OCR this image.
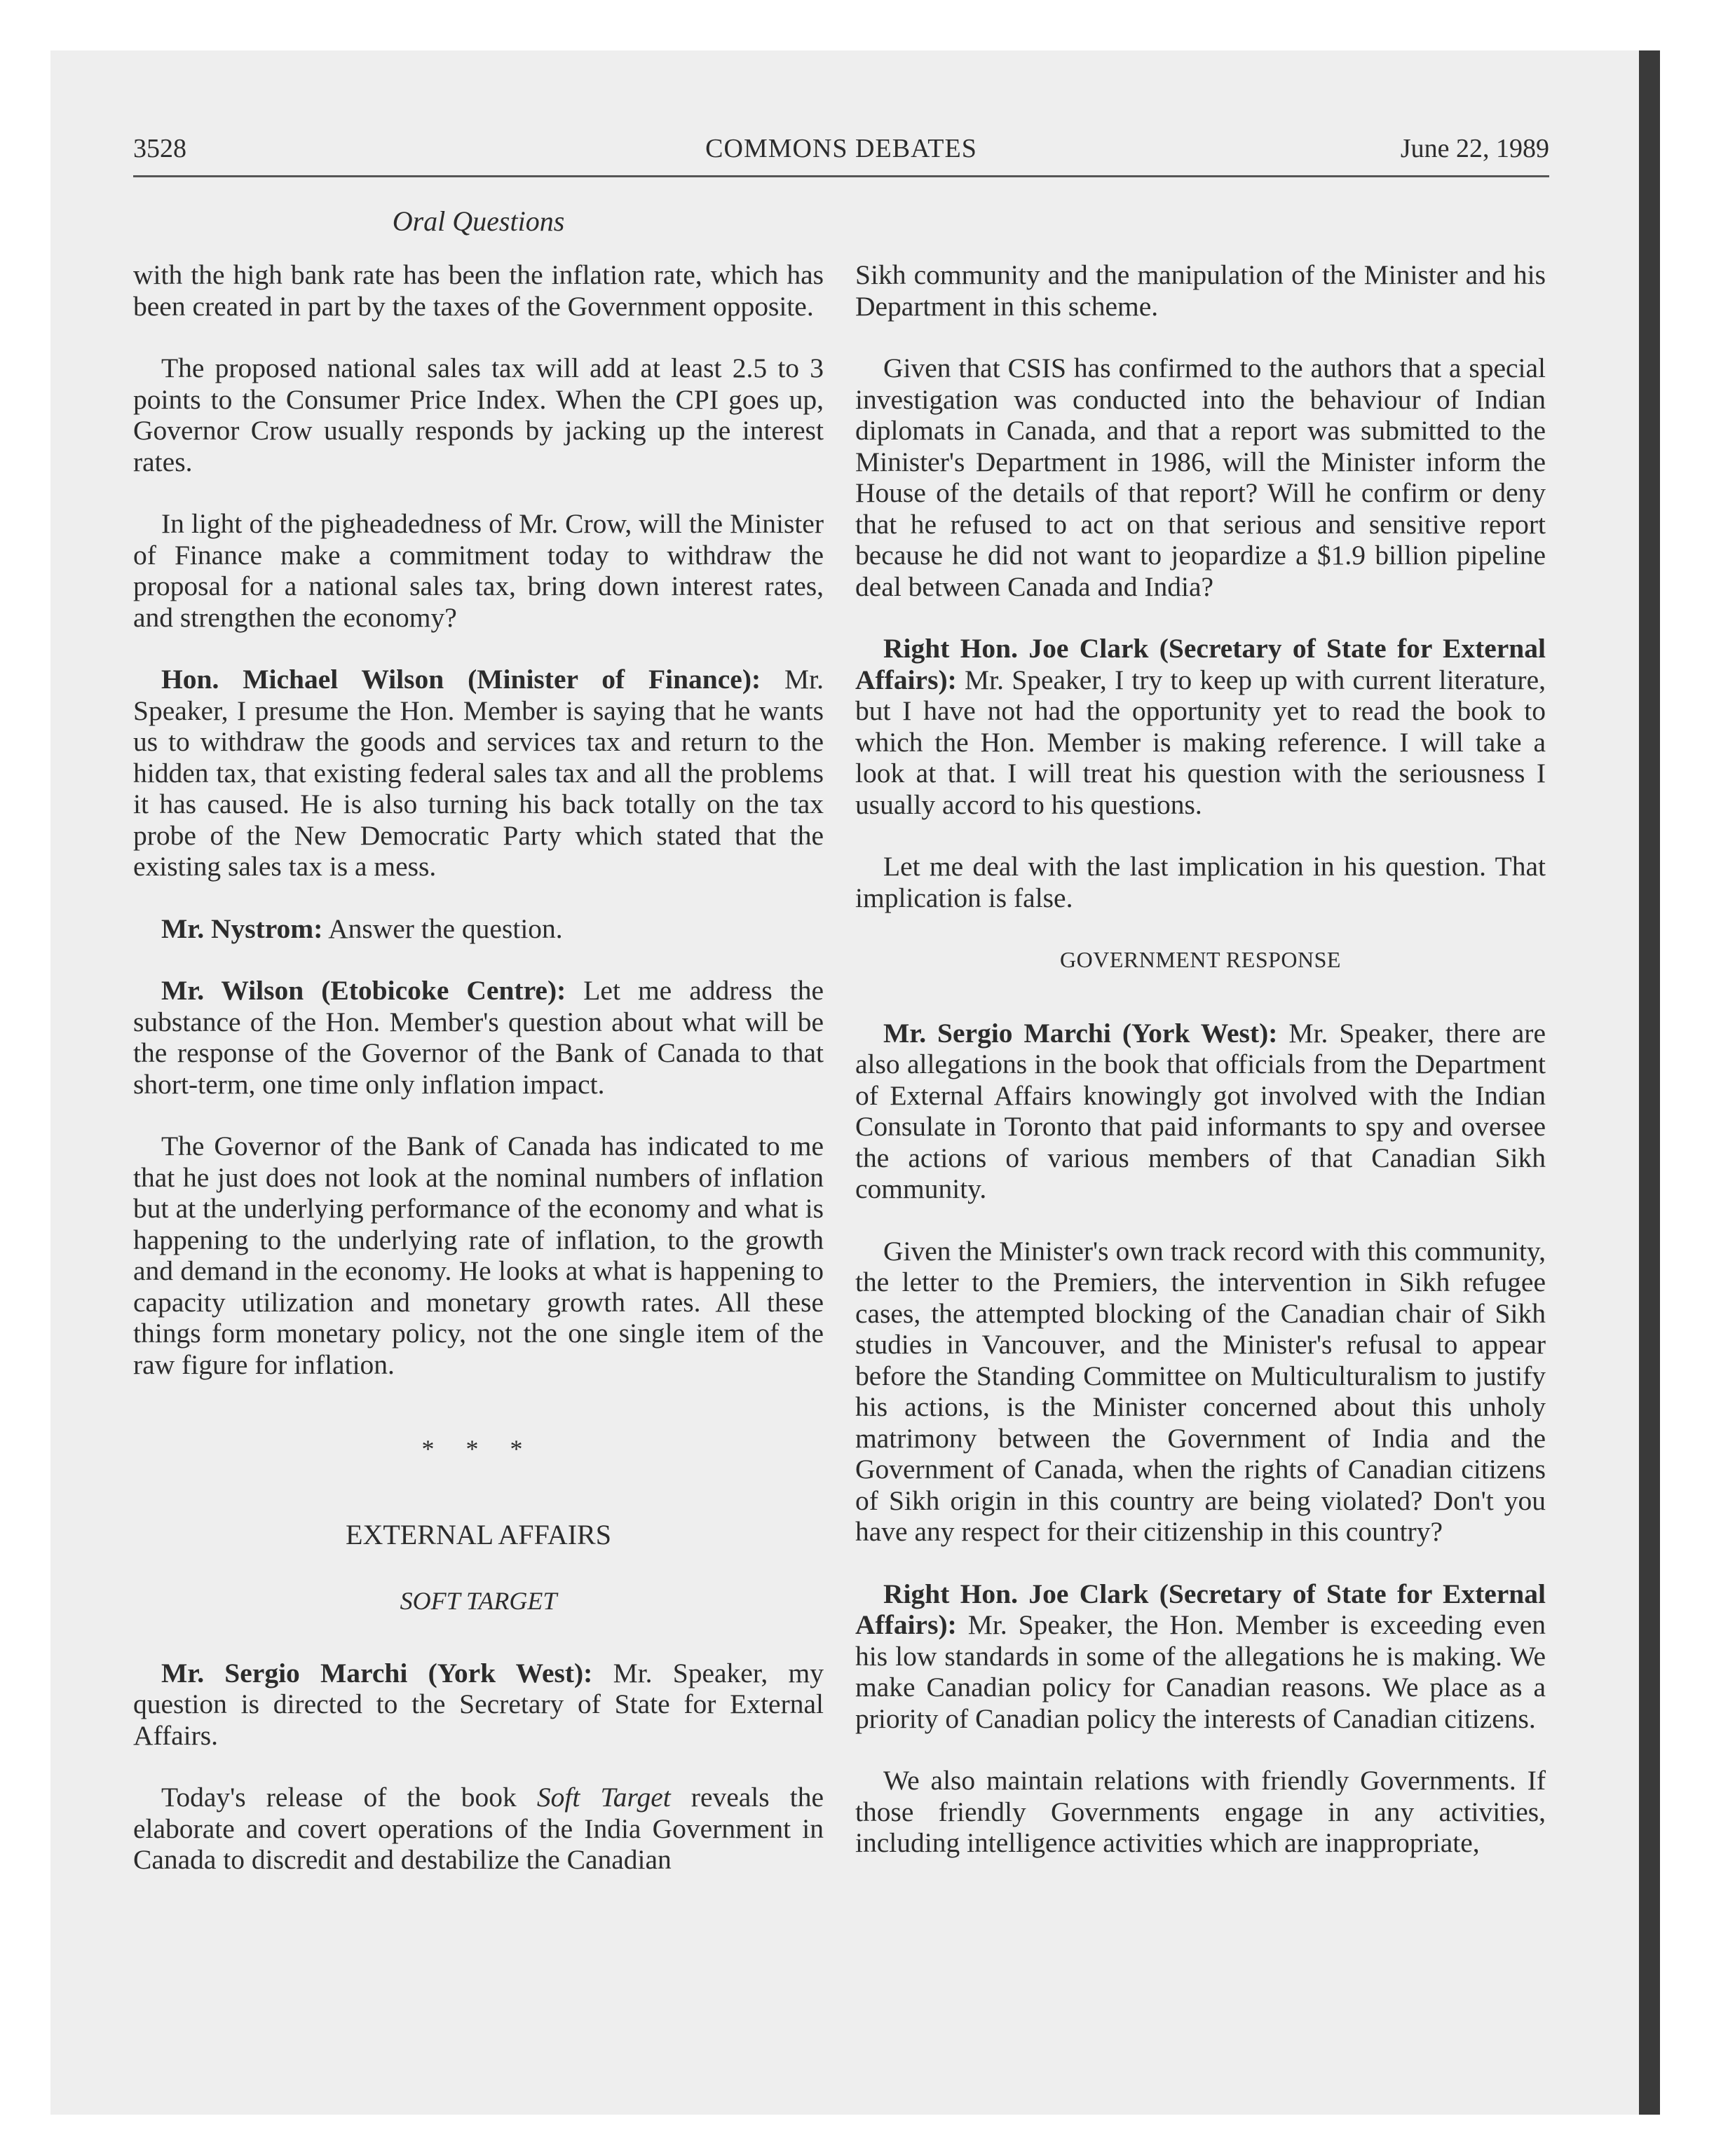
3528	COMMONS DEBATES	June 22, 1989
Oral Questions

with the high bank rate has been the inflation rate, which has been created in part by the taxes of the Government opposite.

The proposed national sales tax will add at least 2.5 to 3 points to the Consumer Price Index. When the CPI goes up, Governor Crow usually responds by jacking up the interest rates.

In light of the pigheadedness of Mr. Crow, will the Minister of Finance make a commitment today to withdraw the proposal for a national sales tax, bring down interest rates, and strengthen the economy?

Hon. Michael Wilson (Minister of Finance): Mr. Speaker, I presume the Hon. Member is saying that he wants us to withdraw the goods and services tax and return to the hidden tax, that existing federal sales tax and all the problems it has caused. He is also turning his back totally on the tax probe of the New Democratic Party which stated that the existing sales tax is a mess.

Mr. Nystrom: Answer the question.

Mr. Wilson (Etobicoke Centre): Let me address the substance of the Hon. Member's question about what will be the response of the Governor of the Bank of Canada to that short-term, one time only inflation impact.

The Governor of the Bank of Canada has indicated to me that he just does not look at the nominal numbers of inflation but at the underlying performance of the economy and what is happening to the underlying rate of inflation, to the growth and demand in the economy. He looks at what is happening to capacity utilization and monetary growth rates. All these things form monetary policy, not the one single item of the raw figure for inflation.

* * *
EXTERNAL AFFAIRS
SOFT TARGET

Mr. Sergio Marchi (York West): Mr. Speaker, my question is directed to the Secretary of State for External Affairs.

Today's release of the book Soft Target reveals the elaborate and covert operations of the India Government in Canada to discredit and destabilize the Canadian

Sikh community and the manipulation of the Minister and his Department in this scheme.

Given that CSIS has confirmed to the authors that a special investigation was conducted into the behaviour of Indian diplomats in Canada, and that a report was submitted to the Minister's Department in 1986, will the Minister inform the House of the details of that report? Will he confirm or deny that he refused to act on that serious and sensitive report because he did not want to jeopardize a $1.9 billion pipeline deal between Canada and India?

Right Hon. Joe Clark (Secretary of State for External Affairs): Mr. Speaker, I try to keep up with current literature, but I have not had the opportunity yet to read the book to which the Hon. Member is making reference. I will take a look at that. I will treat his question with the seriousness I usually accord to his questions.

Let me deal with the last implication in his question. That implication is false.

GOVERNMENT RESPONSE

Mr. Sergio Marchi (York West): Mr. Speaker, there are also allegations in the book that officials from the Department of External Affairs knowingly got involved with the Indian Consulate in Toronto that paid informants to spy and oversee the actions of various members of that Canadian Sikh community.

Given the Minister's own track record with this community, the letter to the Premiers, the intervention in Sikh refugee cases, the attempted blocking of the Canadian chair of Sikh studies in Vancouver, and the Minister's refusal to appear before the Standing Committee on Multiculturalism to justify his actions, is the Minister concerned about this unholy matrimony between the Government of India and the Government of Canada, when the rights of Canadian citizens of Sikh origin in this country are being violated? Don't you have any respect for their citizenship in this country?

Right Hon. Joe Clark (Secretary of State for External Affairs): Mr. Speaker, the Hon. Member is exceeding even his low standards in some of the allegations he is making. We make Canadian policy for Canadian reasons. We place as a priority of Canadian policy the interests of Canadian citizens.

We also maintain relations with friendly Governments. If those friendly Governments engage in any activities, including intelligence activities which are inappropriate,
